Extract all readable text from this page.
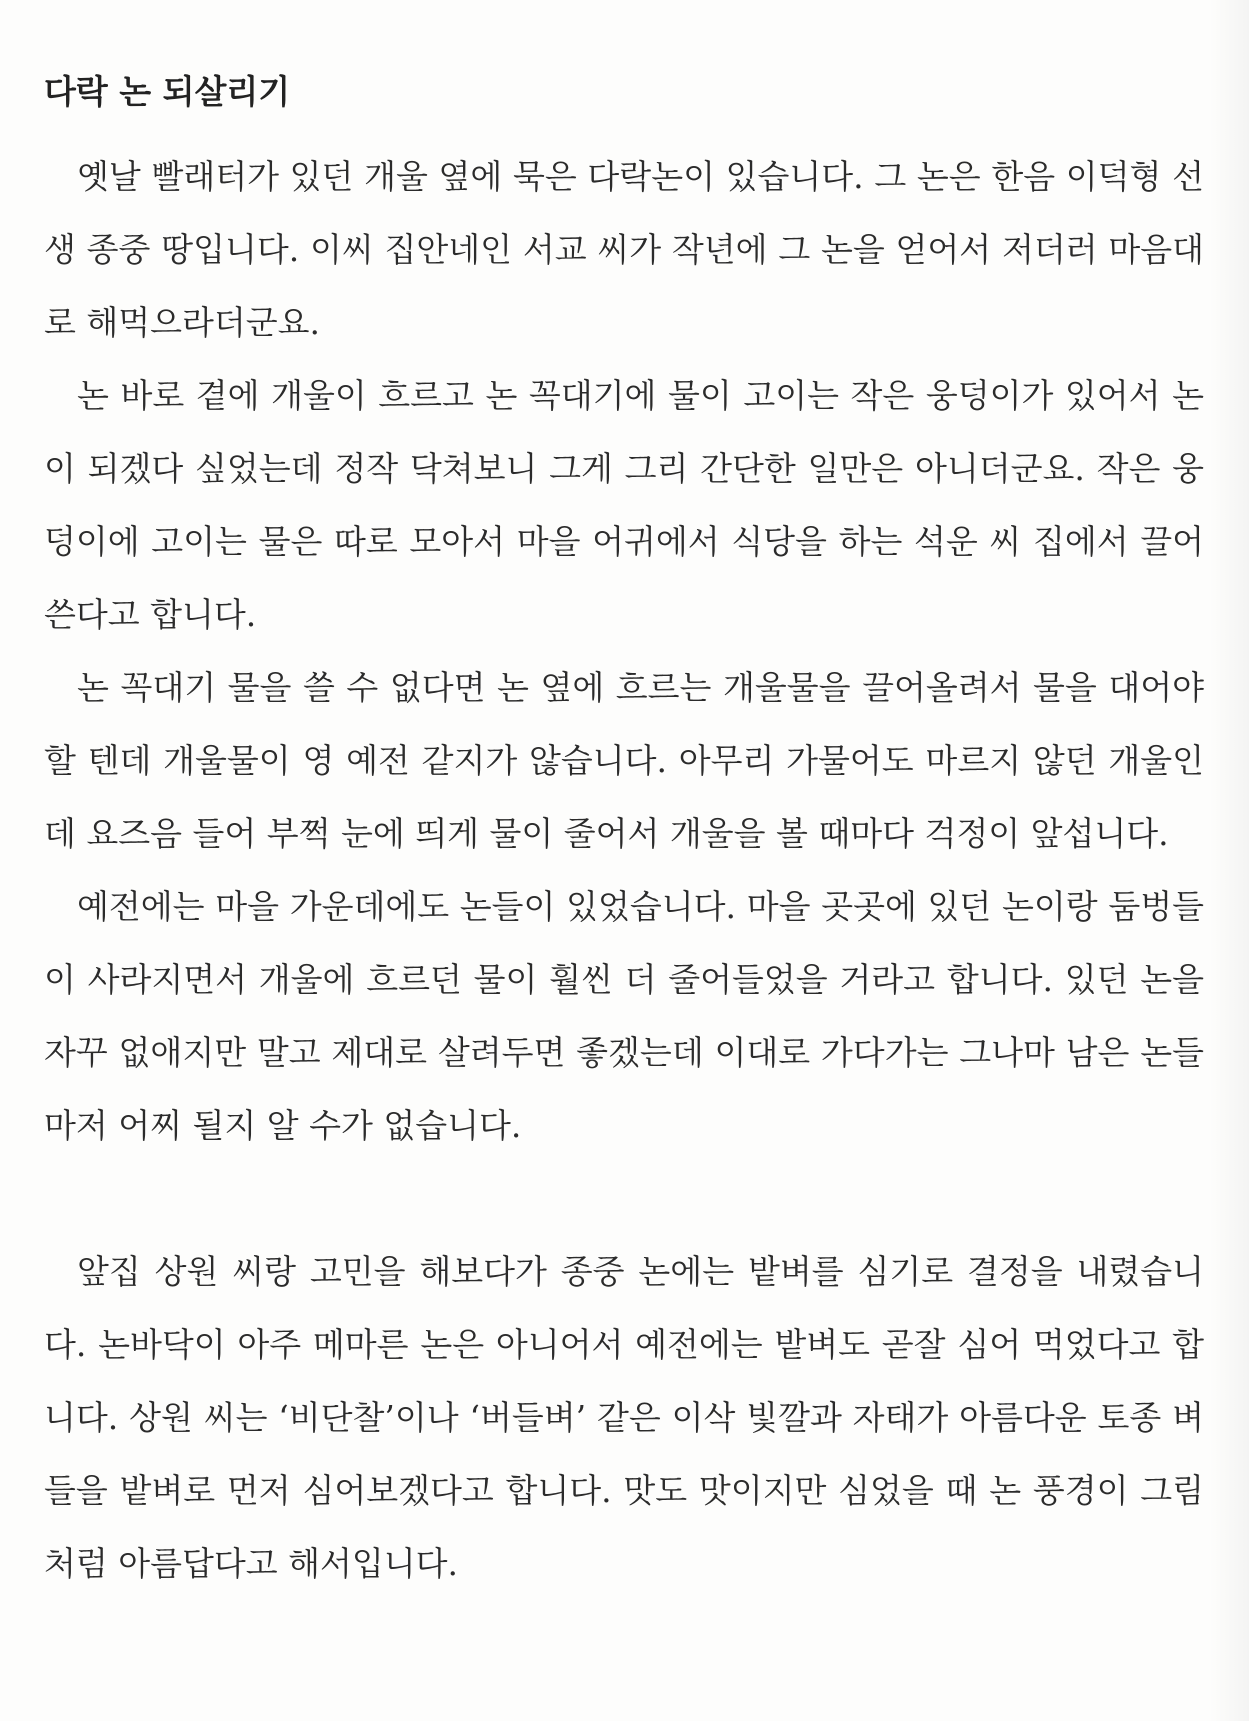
다락 논 되살리기

옛날 빨래터가 있던 개울 옆에 묵은 다락논이 있습니다. 그 논은 한음 이덕형 선생 종중 땅입니다. 이씨 집안네인 서교 씨가 작년에 그 논을 얻어서 저더러 마음대로 해먹으라더군요.

논 바로 곁에 개울이 흐르고 논 꼭대기에 물이 고이는 작은 웅덩이가 있어서 논이 되겠다 싶었는데 정작 닥쳐보니 그게 그리 간단한 일만은 아니더군요. 작은 웅덩이에 고이는 물은 따로 모아서 마을 어귀에서 식당을 하는 석운 씨 집에서 끌어 쓴다고 합니다.

논 꼭대기 물을 쓸 수 없다면 논 옆에 흐르는 개울물을 끌어올려서 물을 대어야 할 텐데 개울물이 영 예전 같지가 않습니다. 아무리 가물어도 마르지 않던 개울인데 요즈음 들어 부쩍 눈에 띄게 물이 줄어서 개울을 볼 때마다 걱정이 앞섭니다.

예전에는 마을 가운데에도 논들이 있었습니다. 마을 곳곳에 있던 논이랑 둠벙들이 사라지면서 개울에 흐르던 물이 훨씬 더 줄어들었을 거라고 합니다. 있던 논을 자꾸 없애지만 말고 제대로 살려두면 좋겠는데 이대로 가다가는 그나마 남은 논들마저 어찌 될지 알 수가 없습니다.

앞집 상원 씨랑 고민을 해보다가 종중 논에는 밭벼를 심기로 결정을 내렸습니다. 논바닥이 아주 메마른 논은 아니어서 예전에는 밭벼도 곧잘 심어 먹었다고 합니다. 상원 씨는 ‘비단찰’이나 ‘버들벼’ 같은 이삭 빛깔과 자태가 아름다운 토종 벼들을 밭벼로 먼저 심어보겠다고 합니다. 맛도 맛이지만 심었을 때 논 풍경이 그림처럼 아름답다고 해서입니다.
